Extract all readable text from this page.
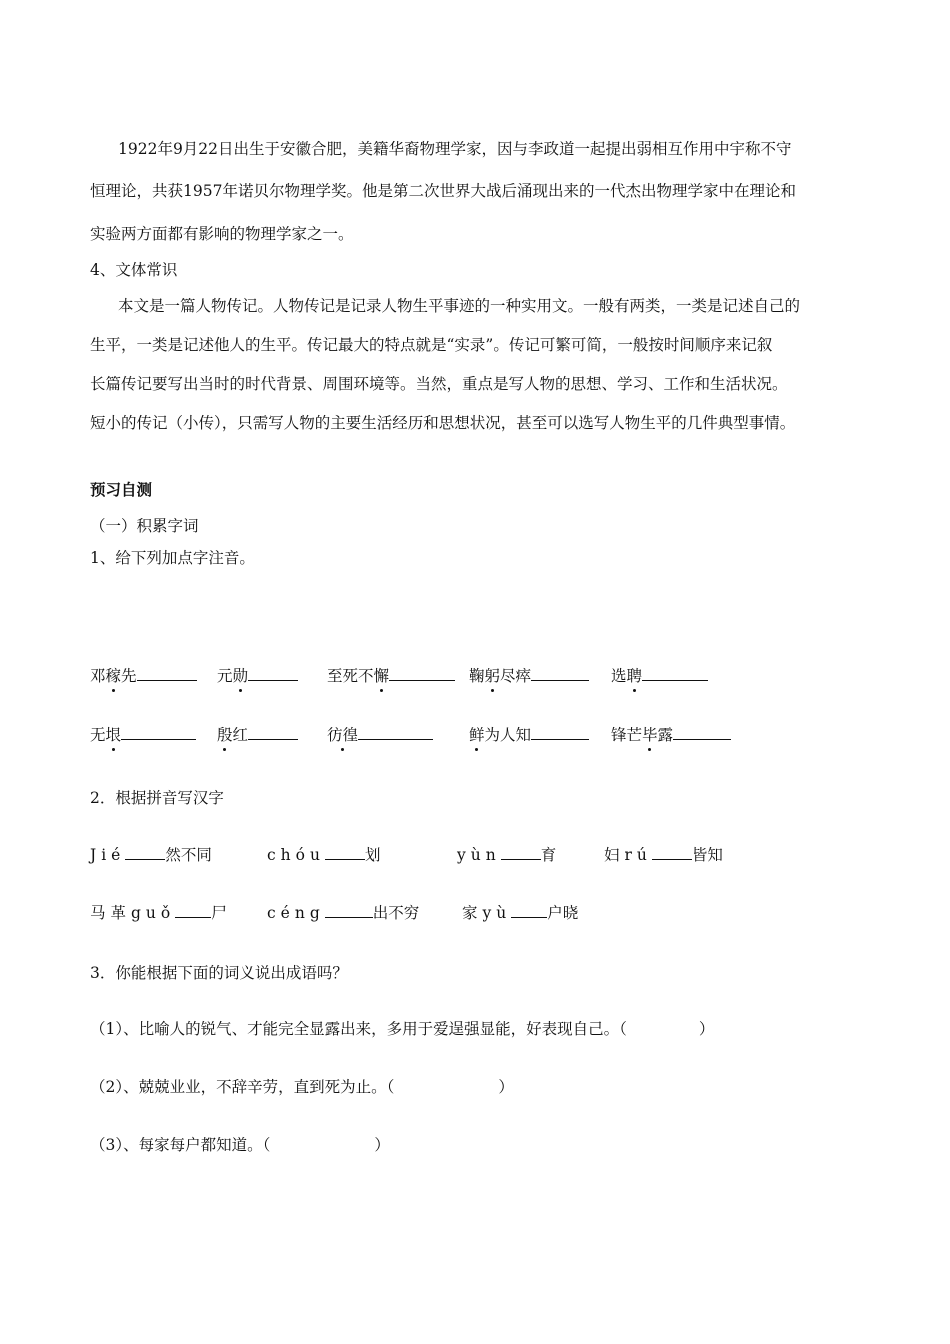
1922年9月22日出生于安徽合肥，美籍华裔物理学家，因与李政道一起提出弱相互作用中宇称不守
恒理论，共获1957年诺贝尔物理学奖。他是第二次世界大战后涌现出来的一代杰出物理学家中在理论和
实验两方面都有影响的物理学家之一。
4、文体常识
本文是一篇人物传记。人物传记是记录人物生平事迹的一种实用文。一般有两类，一类是记述自己的
生平，一类是记述他人的生平。传记最大的特点就是“实录”。传记可繁可简，一般按时间顺序来记叙
长篇传记要写出当时的时代背景、周围环境等。当然，重点是写人物的思想、学习、工作和生活状况。
短小的传记（小传），只需写人物的主要生活经历和思想状况，甚至可以选写人物生平的几件典型事情。
预习自测
（一）积累字词
1、给下列加点字注音。
邓稼先	元勋	至死不懈	鞠躬尽瘁	选聘
无垠	殷红	彷徨	鲜为人知	锋芒毕露
2．根据拼音写汉字
Jié	然不同	chóu	划	yùn	育	妇rú	皆知
马革guǒ 尸	céng	出不穷	家yù 户晓
3．你能根据下面的词义说出成语吗？
（1）、比喻人的锐气、才能完全显露出来，多用于爱逞强显能，好表现自己。（	）
（2）、兢兢业业，不辞辛劳，直到死为止。（	）
（3）、每家每户都知道。（	）
